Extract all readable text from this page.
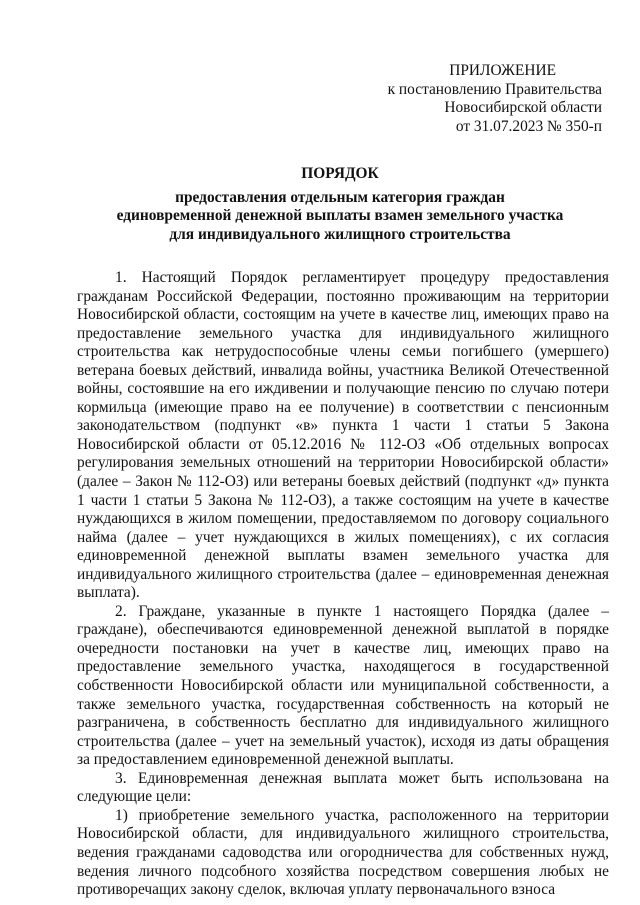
ПРИЛОЖЕНИЕ
к постановлению Правительства
Новосибирской области
от 31.07.2023 № 350-п
ПОРЯДОК
предоставления отдельным категория граждан
единовременной денежной выплаты взамен земельного участка
для индивидуального жилищного строительства

1. Настоящий Порядок регламентирует процедуру предоставления гражданам Российской Федерации, постоянно проживающим на территории Новосибирской области, состоящим на учете в качестве лиц, имеющих право на предоставление земельного участка для индивидуального жилищного строительства как нетрудоспособные члены семьи погибшего (умершего) ветерана боевых действий, инвалида войны, участника Великой Отечественной войны, состоявшие на его иждивении и получающие пенсию по случаю потери кормильца (имеющие право на ее получение) в соответствии с пенсионным законодательством (подпункт «в» пункта 1 части 1 статьи 5 Закона Новосибирской области от 05.12.2016 № 112-ОЗ «Об отдельных вопросах регулирования земельных отношений на территории Новосибирской области» (далее – Закон № 112-ОЗ) или ветераны боевых действий (подпункт «д» пункта 1 части 1 статьи 5 Закона № 112-ОЗ), а также состоящим на учете в качестве нуждающихся в жилом помещении, предоставляемом по договору социального найма (далее – учет нуждающихся в жилых помещениях), с их согласия единовременной денежной выплаты взамен земельного участка для индивидуального жилищного строительства (далее – единовременная денежная выплата).

2. Граждане, указанные в пункте 1 настоящего Порядка (далее – граждане), обеспечиваются единовременной денежной выплатой в порядке очередности постановки на учет в качестве лиц, имеющих право на предоставление земельного участка, находящегося в государственной собственности Новосибирской области или муниципальной собственности, а также земельного участка, государственная собственность на который не разграничена, в собственность бесплатно для индивидуального жилищного строительства (далее – учет на земельный участок), исходя из даты обращения за предоставлением единовременной денежной выплаты.

3. Единовременная денежная выплата может быть использована на следующие цели:

1) приобретение земельного участка, расположенного на территории Новосибирской области, для индивидуального жилищного строительства, ведения гражданами садоводства или огородничества для собственных нужд, ведения личного подсобного хозяйства посредством совершения любых не противоречащих закону сделок, включая уплату первоначального взноса
